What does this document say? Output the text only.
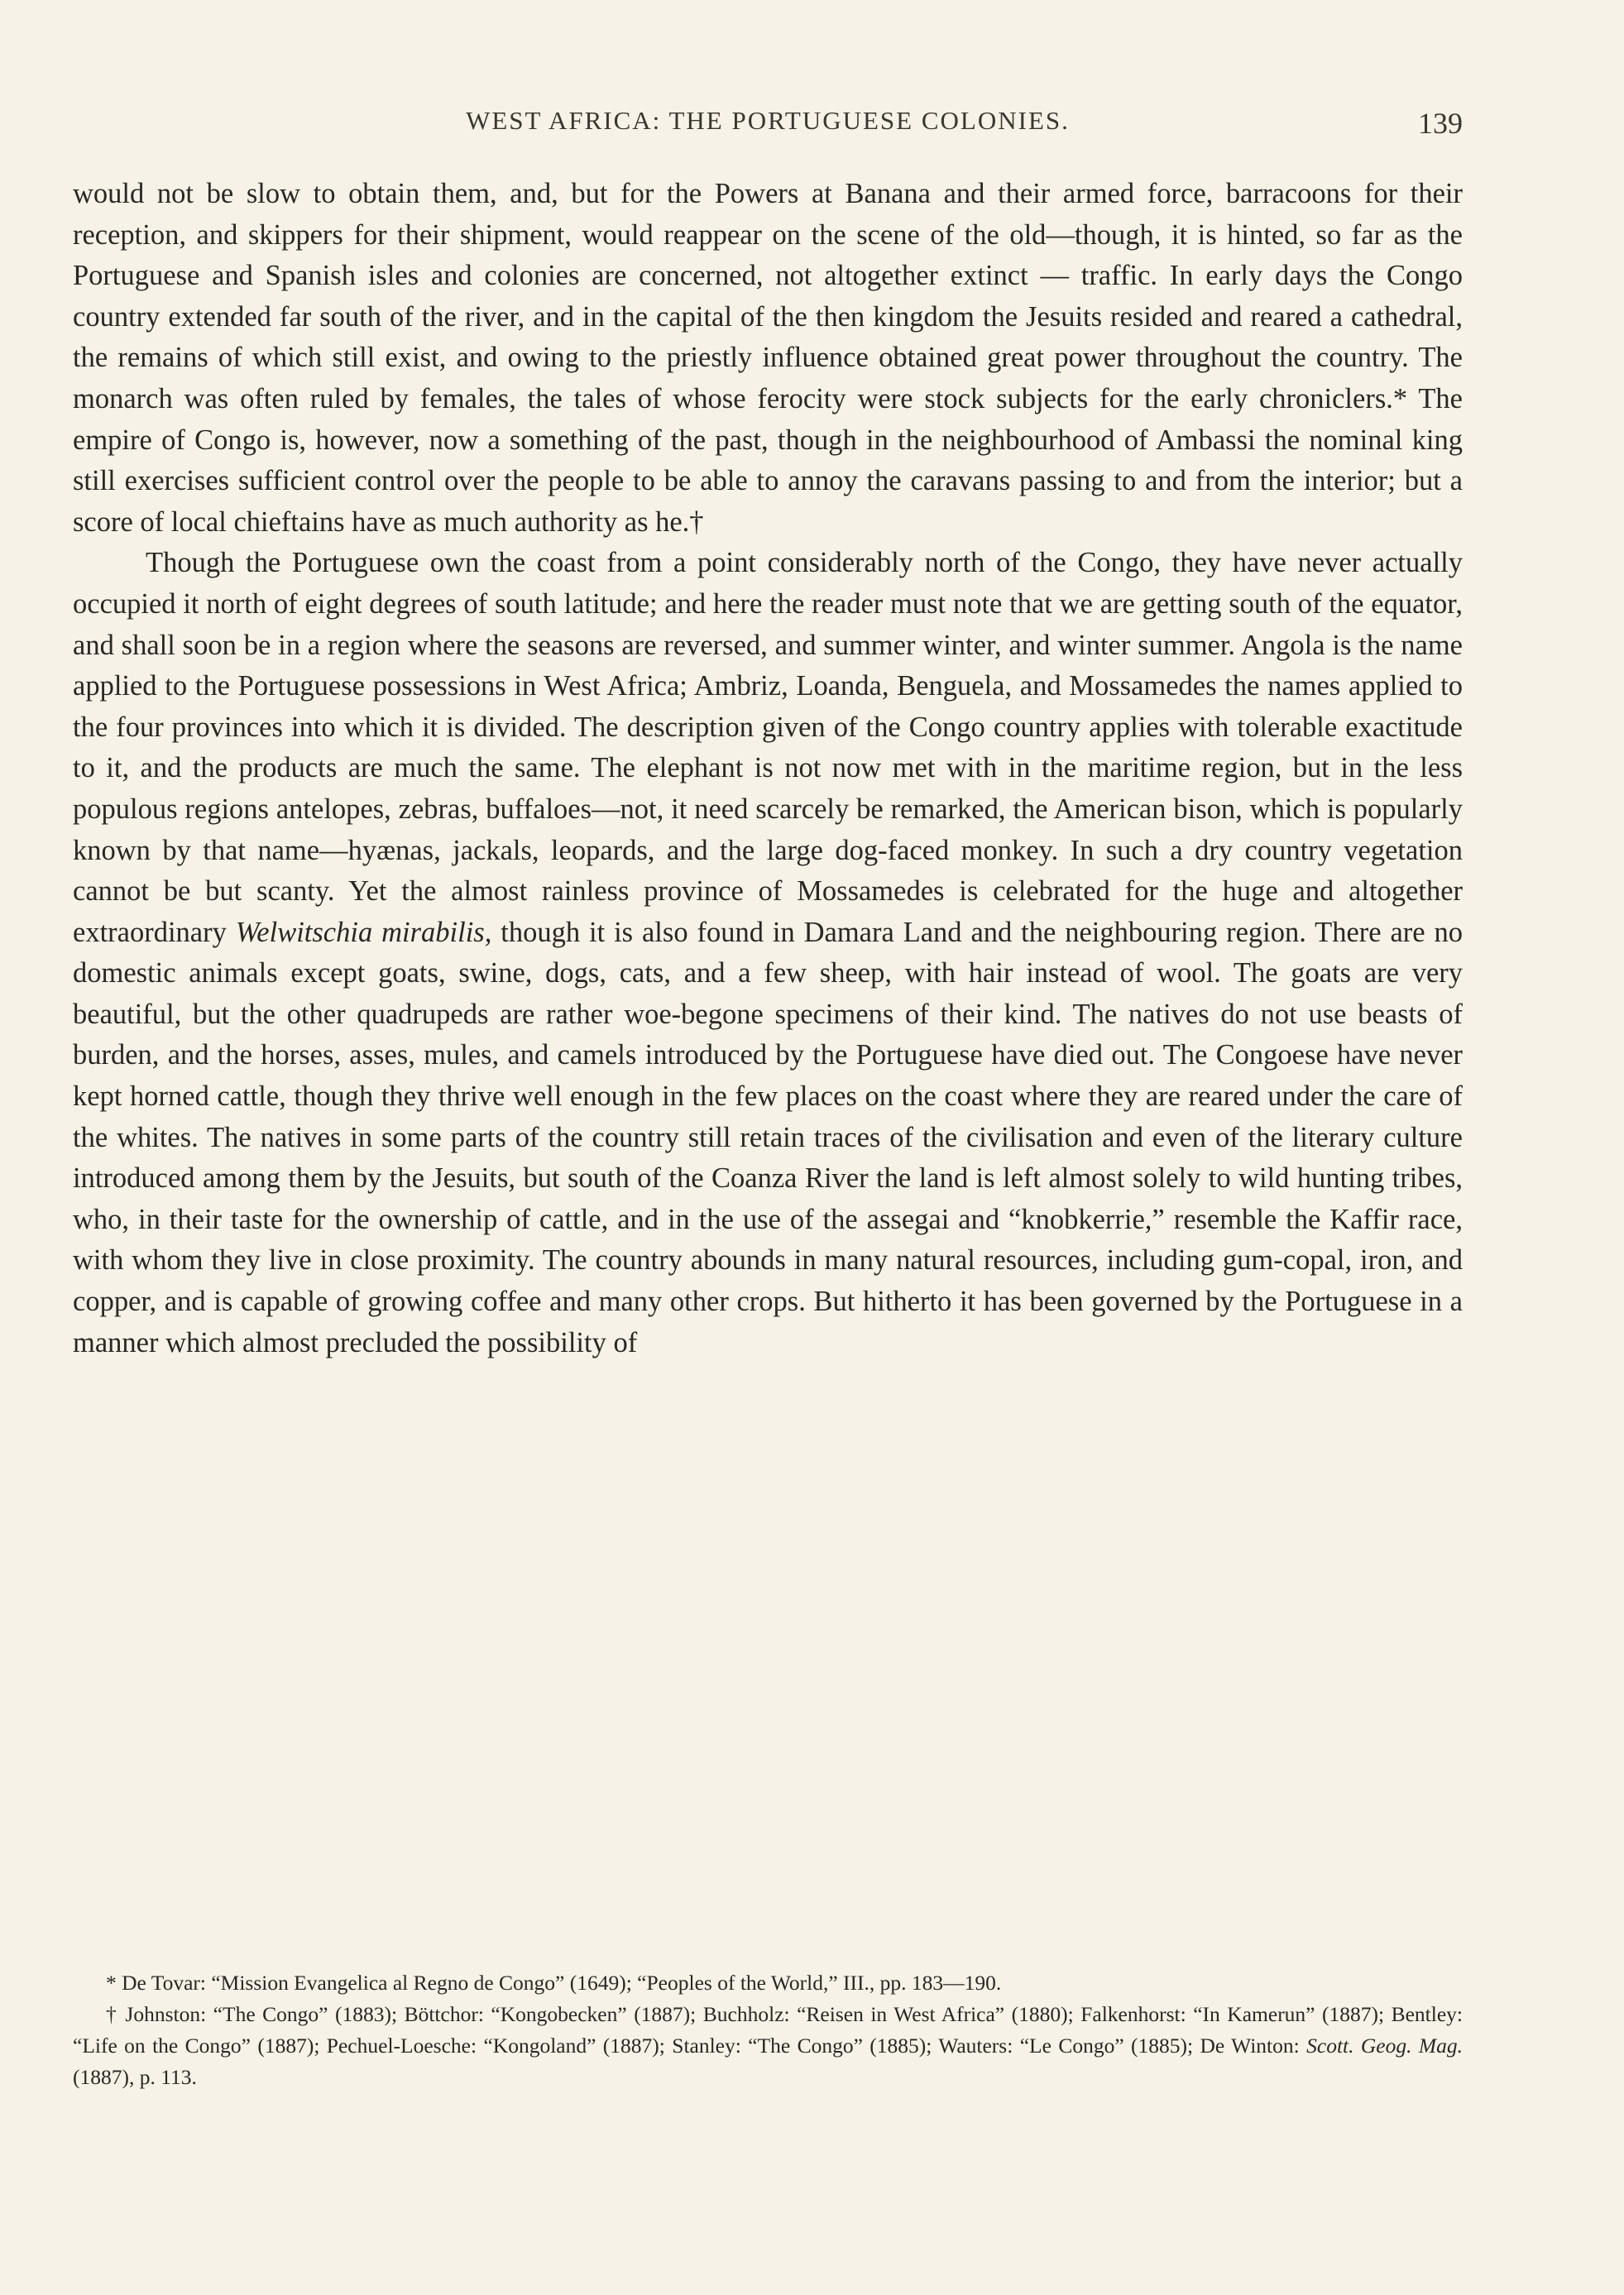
WEST AFRICA: THE PORTUGUESE COLONIES.	139

would not be slow to obtain them, and, but for the Powers at Banana and their armed force, barracoons for their reception, and skippers for their shipment, would reappear on the scene of the old—though, it is hinted, so far as the Portuguese and Spanish isles and colonies are concerned, not altogether extinct — traffic. In early days the Congo country extended far south of the river, and in the capital of the then kingdom the Jesuits resided and reared a cathedral, the remains of which still exist, and owing to the priestly influence obtained great power throughout the country. The monarch was often ruled by females, the tales of whose ferocity were stock subjects for the early chroniclers.* The empire of Congo is, however, now a something of the past, though in the neighbourhood of Ambassi the nominal king still exercises sufficient control over the people to be able to annoy the caravans passing to and from the interior; but a score of local chieftains have as much authority as he.†

Though the Portuguese own the coast from a point considerably north of the Congo, they have never actually occupied it north of eight degrees of south latitude; and here the reader must note that we are getting south of the equator, and shall soon be in a region where the seasons are reversed, and summer winter, and winter summer. Angola is the name applied to the Portuguese possessions in West Africa; Ambriz, Loanda, Benguela, and Mossamedes the names applied to the four provinces into which it is divided. The description given of the Congo country applies with tolerable exactitude to it, and the products are much the same. The elephant is not now met with in the maritime region, but in the less populous regions antelopes, zebras, buffaloes—not, it need scarcely be remarked, the American bison, which is popularly known by that name—hyænas, jackals, leopards, and the large dog-faced monkey. In such a dry country vegetation cannot be but scanty. Yet the almost rainless province of Mossamedes is celebrated for the huge and altogether extraordinary Welwitschia mirabilis, though it is also found in Damara Land and the neighbouring region. There are no domestic animals except goats, swine, dogs, cats, and a few sheep, with hair instead of wool. The goats are very beautiful, but the other quadrupeds are rather woe-begone specimens of their kind. The natives do not use beasts of burden, and the horses, asses, mules, and camels introduced by the Portuguese have died out. The Congoese have never kept horned cattle, though they thrive well enough in the few places on the coast where they are reared under the care of the whites. The natives in some parts of the country still retain traces of the civilisation and even of the literary culture introduced among them by the Jesuits, but south of the Coanza River the land is left almost solely to wild hunting tribes, who, in their taste for the ownership of cattle, and in the use of the assegai and “knobkerrie,” resemble the Kaffir race, with whom they live in close proximity. The country abounds in many natural resources, including gum-copal, iron, and copper, and is capable of growing coffee and many other crops. But hitherto it has been governed by the Portuguese in a manner which almost precluded the possibility of

* De Tovar: “Mission Evangelica al Regno de Congo” (1649); “Peoples of the World,” III., pp. 183—190.

† Johnston: “The Congo” (1883); Böttchor: “Kongobecken” (1887); Buchholz: “Reisen in West Africa” (1880); Falkenhorst: “In Kamerun” (1887); Bentley: “Life on the Congo” (1887); Pechuel-Loesche: “Kongoland” (1887); Stanley: “The Congo” (1885); Wauters: “Le Congo” (1885); De Winton: Scott. Geog. Mag. (1887), p. 113.
